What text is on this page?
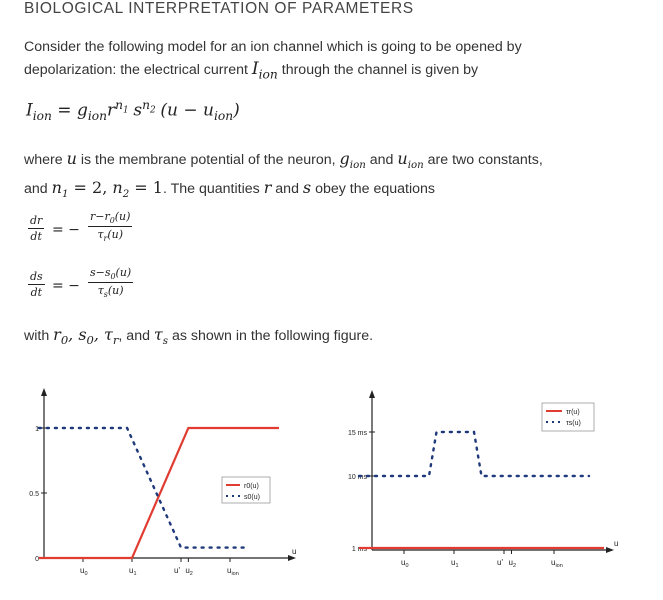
BIOLOGICAL INTERPRETATION OF PARAMETERS

Consider the following model for an ion channel which is going to be opened by
depolarization: the electrical current $I_{ion}$ through the channel is given by

$I_{ion} = g_{ion}r^{n_1}$ $s^{n_2}$ $(u - u_{ion})$

where u is the membrane potential of the neuron, $g_{ion}$ and $u_{ion}$ are two constants,
and $n_1 = 2$, $n_2 = 1$. The quantities r and s obey the equations

$\frac{dr}{dt}$ = − $\frac{r-r_0(u)}{\tau_r(u)}$
$\frac{ds}{dt}$ = − $\frac{s-s_0(u)}{\tau_s(u)}$

with $r_0$, $s_0$, $\tau_r$, and $\tau_s$ as shown in the following figure.

0
0.5
1
$u_0$	$u_1$	u' $u_2$	$u_{ion}$
r0(u)
s0(u)
u	1 ms
10 ms
15 ms
$u_0$	$u_1$	u' $u_2$	$u_{ion}$
τr(u)
τs(u)
u
